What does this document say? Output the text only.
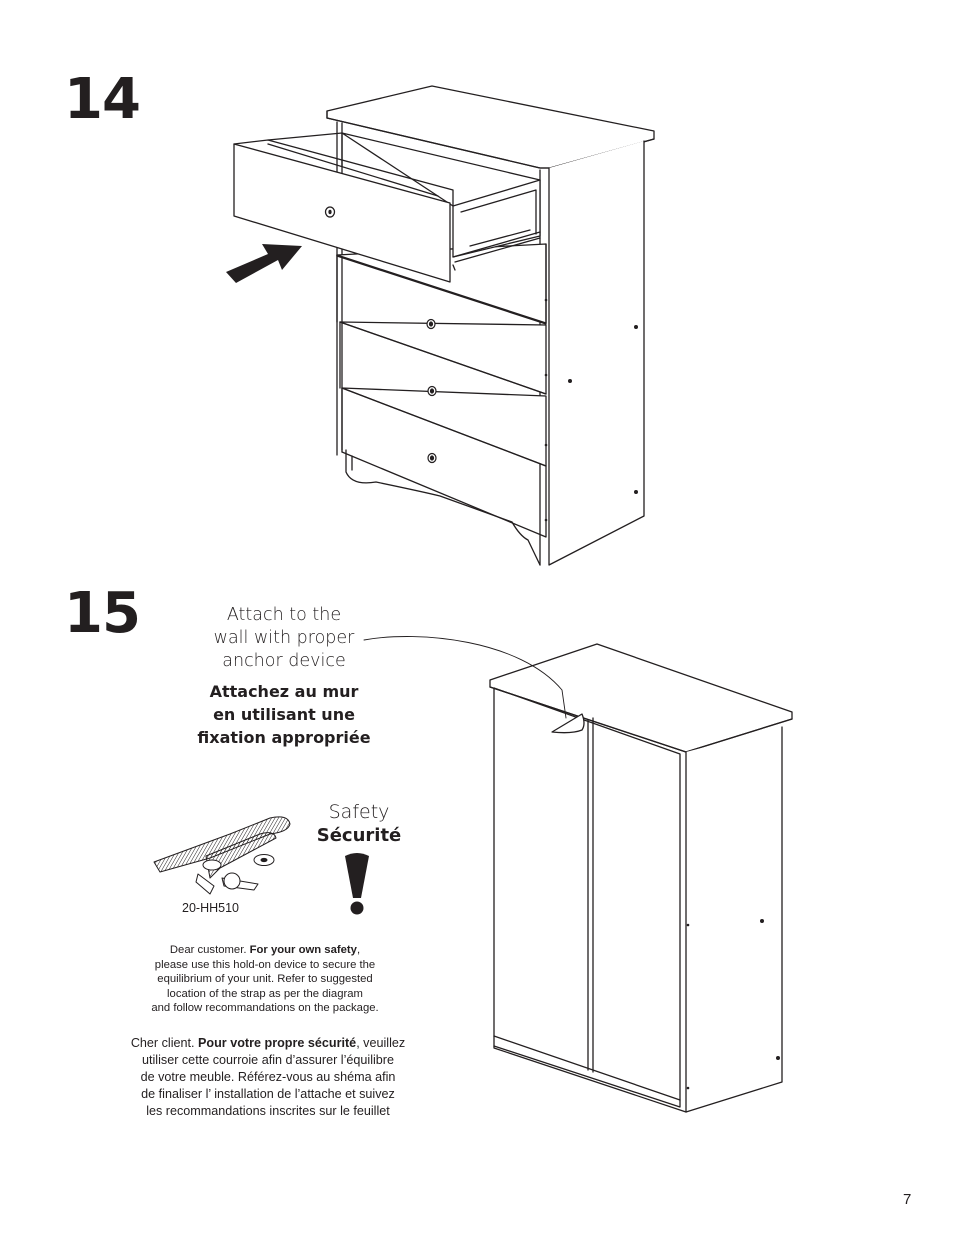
14
15	Attach to the
wall with proper
anchor device
Attachez au mur
en utilisant une
fixation appropriée
20-HH510
Safety
Sécurité
Dear customer. For your own safety,
please use this hold-on device to secure the
equilibrium of your unit. Refer to suggested
location of the strap as per the diagram
and follow recommandations on the package.
Cher client. Pour votre propre sécurité, veuillez
utiliser cette courroie afin d’assurer l’équilibre
de votre meuble. Référez-vous au shéma afin
de finaliser l’ installation de l’attache et suivez
les recommandations inscrites sur le feuillet
7
